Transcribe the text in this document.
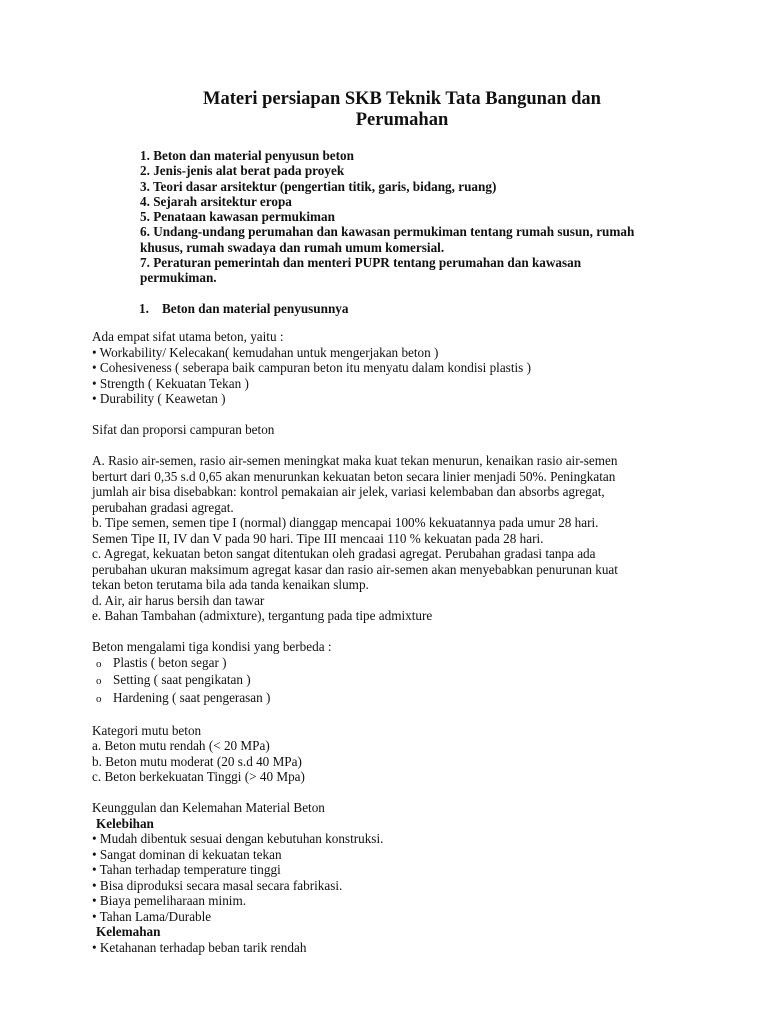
Materi persiapan SKB Teknik Tata Bangunan dan
Perumahan
1. Beton dan material penyusun beton
2. Jenis-jenis alat berat pada proyek
3. Teori dasar arsitektur (pengertian titik, garis, bidang, ruang)
4. Sejarah arsitektur eropa
5. Penataan kawasan permukiman
6. Undang-undang perumahan dan kawasan permukiman tentang rumah susun, rumah
khusus, rumah swadaya dan rumah umum komersial.
7. Peraturan pemerintah dan menteri PUPR tentang perumahan dan kawasan
permukiman.
1. Beton dan material penyusunnya

Ada empat sifat utama beton, yaitu :

• Workability/ Kelecakan( kemudahan untuk mengerjakan beton )

• Cohesiveness ( seberapa baik campuran beton itu menyatu dalam kondisi plastis )

• Strength ( Kekuatan Tekan )

• Durability ( Keawetan )

Sifat dan proporsi campuran beton

A. Rasio air-semen, rasio air-semen meningkat maka kuat tekan menurun, kenaikan rasio air-semen

berturt dari 0,35 s.d 0,65 akan menurunkan kekuatan beton secara linier menjadi 50%. Peningkatan

jumlah air bisa disebabkan: kontrol pemakaian air jelek, variasi kelembaban dan absorbs agregat,

perubahan gradasi agregat.

b. Tipe semen, semen tipe I (normal) dianggap mencapai 100% kekuatannya pada umur 28 hari.

Semen Tipe II, IV dan V pada 90 hari. Tipe III mencaai 110 % kekuatan pada 28 hari.

c. Agregat, kekuatan beton sangat ditentukan oleh gradasi agregat. Perubahan gradasi tanpa ada

perubahan ukuran maksimum agregat kasar dan rasio air-semen akan menyebabkan penurunan kuat

tekan beton terutama bila ada tanda kenaikan slump.

d. Air, air harus bersih dan tawar

e. Bahan Tambahan (admixture), tergantung pada tipe admixture

Beton mengalami tiga kondisi yang berbeda :

o Plastis ( beton segar )

o Setting ( saat pengikatan )

o Hardening ( saat pengerasan )

Kategori mutu beton

a. Beton mutu rendah (< 20 MPa)

b. Beton mutu moderat (20 s.d 40 MPa)

c. Beton berkekuatan Tinggi (> 40 Mpa)

Keunggulan dan Kelemahan Material Beton

Kelebihan

• Mudah dibentuk sesuai dengan kebutuhan konstruksi.

• Sangat dominan di kekuatan tekan

• Tahan terhadap temperature tinggi

• Bisa diproduksi secara masal secara fabrikasi.

• Biaya pemeliharaan minim.

• Tahan Lama/Durable

Kelemahan

• Ketahanan terhadap beban tarik rendah
